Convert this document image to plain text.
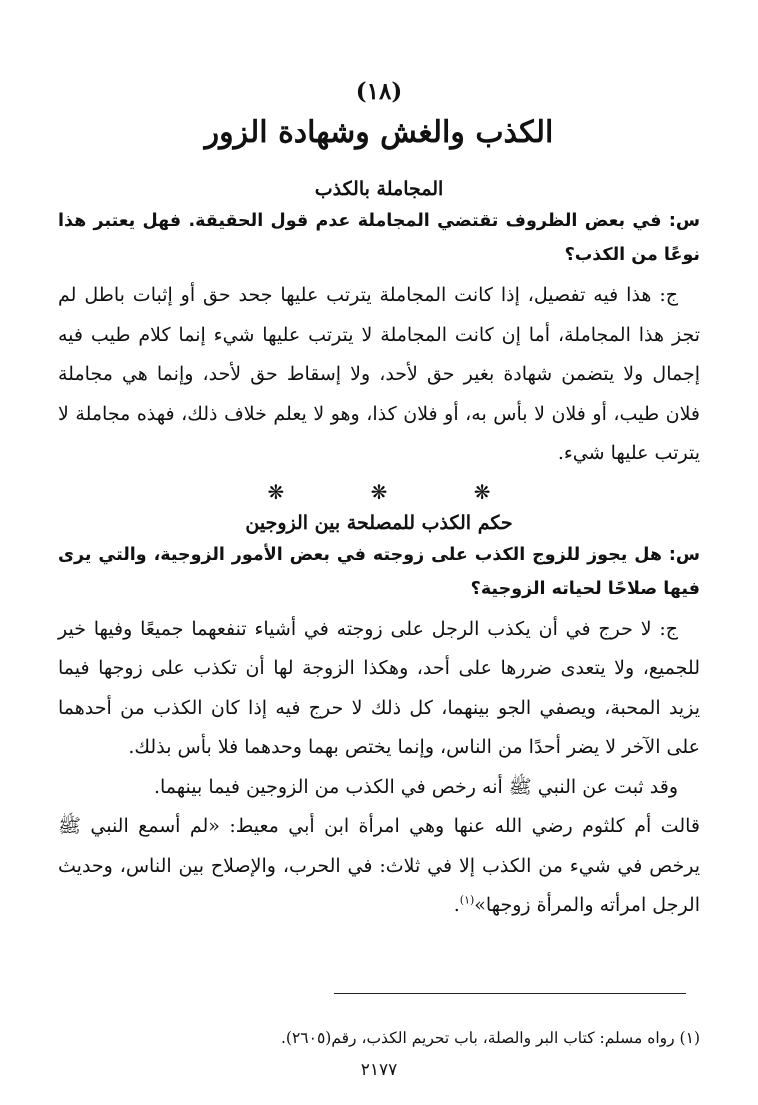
(١٨)
الكذب والغش وشهادة الزور
المجاملة بالكذب
س: في بعض الظروف تقتضي المجاملة عدم قول الحقيقة. فهل يعتبر هذا نوعًا من الكذب؟
ج: هذا فيه تفصيل، إذا كانت المجاملة يترتب عليها جحد حق أو إثبات باطل لم تجز هذا المجاملة، أما إن كانت المجاملة لا يترتب عليها شيء إنما كلام طيب فيه إجمال ولا يتضمن شهادة بغير حق لأحد، ولا إسقاط حق لأحد، وإنما هي مجاملة فلان طيب، أو فلان لا بأس به، أو فلان كذا، وهو لا يعلم خلاف ذلك، فهذه مجاملة لا يترتب عليها شيء.
❋ ❋ ❋
حكم الكذب للمصلحة بين الزوجين
س: هل يجوز للزوج الكذب على زوجته في بعض الأمور الزوجية، والتي يرى فيها صلاحًا لحياته الزوجية؟
ج: لا حرج في أن يكذب الرجل على زوجته في أشياء تنفعهما جميعًا وفيها خير للجميع، ولا يتعدى ضررها على أحد، وهكذا الزوجة لها أن تكذب على زوجها فيما يزيد المحبة، ويصفي الجو بينهما، كل ذلك لا حرج فيه إذا كان الكذب من أحدهما على الآخر لا يضر أحدًا من الناس، وإنما يختص بهما وحدهما فلا بأس بذلك.
وقد ثبت عن النبي ﷺ أنه رخص في الكذب من الزوجين فيما بينهما.
قالت أم كلثوم رضي الله عنها وهي امرأة ابن أبي معيط: «لم أسمع النبي ﷺ يرخص في شيء من الكذب إلا في ثلاث: في الحرب، والإصلاح بين الناس، وحديث الرجل امرأته والمرأة زوجها»$^{(١)}$.
(١) رواه مسلم: كتاب البر والصلة، باب تحريم الكذب، رقم(٢٦٠٥).
٢١٧٧
